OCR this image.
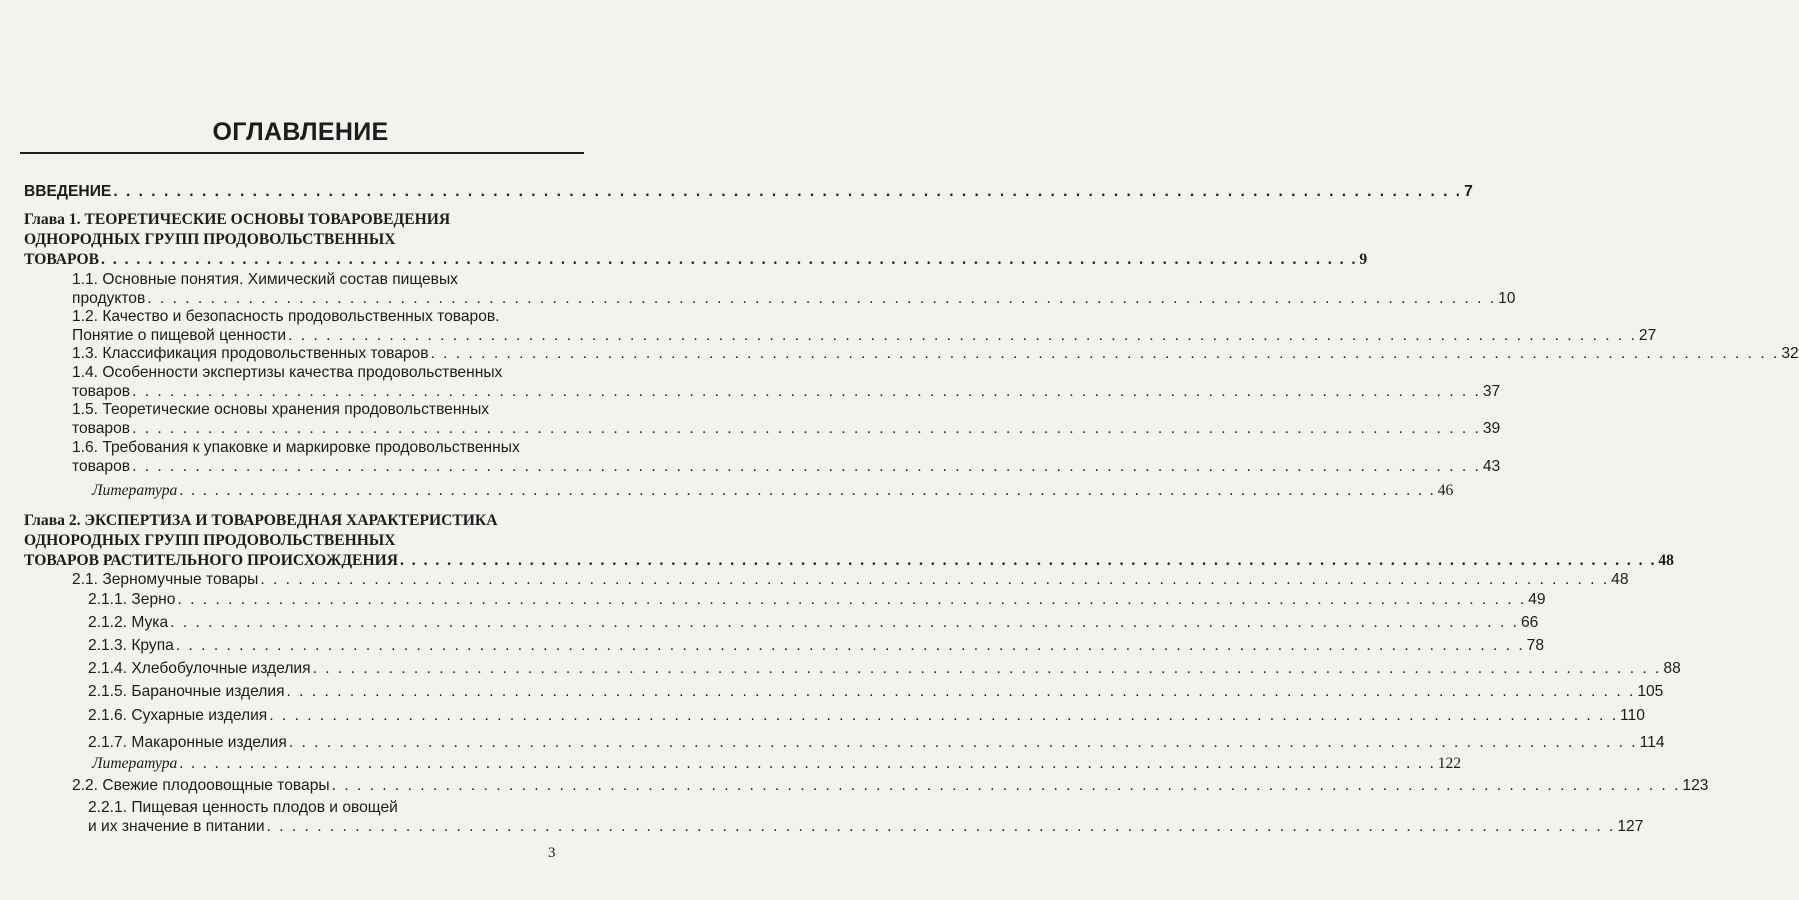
ОГЛАВЛЕНИЕ
ВВЕДЕНИЕ . . . . . . . . . . . . . . . . . . . . . . . . . . . . . . . . . . . . . . . . . . . . . . . . . . . . . . . . . . . . . . . . . . . . . . . . . . . . . . . . . . . . . . . . . . . . . . . . . . . . . . . . . . . 7
Глава 1. ТЕОРЕТИЧЕСКИЕ ОСНОВЫ ТОВАРОВЕДЕНИЯ
ОДНОРОДНЫХ ГРУПП ПРОДОВОЛЬСТВЕННЫХ
ТОВАРОВ . . . . . . . . . . . . . . . . . . . . . . . . . . . . . . . . . . . . . . . . . . . . . . . . . . . . . . . . . . . . . . . . . . . . . . . . . . . . . . . . . . . . . . . . . . . . . . . . . . . . . . . . . . . 9
1.1. Основные понятия. Химический состав пищевых
продуктов . . . . . . . . . . . . . . . . . . . . . . . . . . . . . . . . . . . . . . . . . . . . . . . . . . . . . . . . . . . . . . . . . . . . . . . . . . . . . . . . . . . . . . . . . . . . . . . . . . . . . . . . . . . 10
1.2. Качество и безопасность продовольственных товаров.
Понятие о пищевой ценности . . . . . . . . . . . . . . . . . . . . . . . . . . . . . . . . . . . . . . . . . . . . . . . . . . . . . . . . . . . . . . . . . . . . . . . . . . . . . . . . . . . . . . . . . . . . . . . . . . . . . . . . . . . 27
1.3. Классификация продовольственных товаров . . . . . . . . . . . . . . . . . . . . . . . . . . . . . . . . . . . . . . . . . . . . . . . . . . . . . . . . . . . . . . . . . . . . . . . . . . . . . . . . . . . . . . . . . . . . . . . . . . . . . . . . . . . 32
1.4. Особенности экспертизы качества продовольственных
товаров . . . . . . . . . . . . . . . . . . . . . . . . . . . . . . . . . . . . . . . . . . . . . . . . . . . . . . . . . . . . . . . . . . . . . . . . . . . . . . . . . . . . . . . . . . . . . . . . . . . . . . . . . . . 37
1.5. Теоретические основы хранения продовольственных
товаров . . . . . . . . . . . . . . . . . . . . . . . . . . . . . . . . . . . . . . . . . . . . . . . . . . . . . . . . . . . . . . . . . . . . . . . . . . . . . . . . . . . . . . . . . . . . . . . . . . . . . . . . . . . 39
1.6. Требования к упаковке и маркировке продовольственных
товаров . . . . . . . . . . . . . . . . . . . . . . . . . . . . . . . . . . . . . . . . . . . . . . . . . . . . . . . . . . . . . . . . . . . . . . . . . . . . . . . . . . . . . . . . . . . . . . . . . . . . . . . . . . . 43
Литература . . . . . . . . . . . . . . . . . . . . . . . . . . . . . . . . . . . . . . . . . . . . . . . . . . . . . . . . . . . . . . . . . . . . . . . . . . . . . . . . . . . . . . . . . . . . . . . . . . . . . . . . . . . 46
Глава 2. ЭКСПЕРТИЗА И ТОВАРОВЕДНАЯ ХАРАКТЕРИСТИКА
ОДНОРОДНЫХ ГРУПП ПРОДОВОЛЬСТВЕННЫХ
ТОВАРОВ РАСТИТЕЛЬНОГО ПРОИСХОЖДЕНИЯ . . . . . . . . . . . . . . . . . . . . . . . . . . . . . . . . . . . . . . . . . . . . . . . . . . . . . . . . . . . . . . . . . . . . . . . . . . . . . . . . . . . . . . . . . . . . . . . . . . . . . . . . . . . 48
2.1. Зерномучные товары . . . . . . . . . . . . . . . . . . . . . . . . . . . . . . . . . . . . . . . . . . . . . . . . . . . . . . . . . . . . . . . . . . . . . . . . . . . . . . . . . . . . . . . . . . . . . . . . . . . . . . . . . . . 48
2.1.1. Зерно . . . . . . . . . . . . . . . . . . . . . . . . . . . . . . . . . . . . . . . . . . . . . . . . . . . . . . . . . . . . . . . . . . . . . . . . . . . . . . . . . . . . . . . . . . . . . . . . . . . . . . . . . . . 49
2.1.2. Мука . . . . . . . . . . . . . . . . . . . . . . . . . . . . . . . . . . . . . . . . . . . . . . . . . . . . . . . . . . . . . . . . . . . . . . . . . . . . . . . . . . . . . . . . . . . . . . . . . . . . . . . . . . . 66
2.1.3. Крупа . . . . . . . . . . . . . . . . . . . . . . . . . . . . . . . . . . . . . . . . . . . . . . . . . . . . . . . . . . . . . . . . . . . . . . . . . . . . . . . . . . . . . . . . . . . . . . . . . . . . . . . . . . . 78
2.1.4. Хлебобулочные изделия . . . . . . . . . . . . . . . . . . . . . . . . . . . . . . . . . . . . . . . . . . . . . . . . . . . . . . . . . . . . . . . . . . . . . . . . . . . . . . . . . . . . . . . . . . . . . . . . . . . . . . . . . . . 88
2.1.5. Бараночные изделия . . . . . . . . . . . . . . . . . . . . . . . . . . . . . . . . . . . . . . . . . . . . . . . . . . . . . . . . . . . . . . . . . . . . . . . . . . . . . . . . . . . . . . . . . . . . . . . . . . . . . . . . . . . 105
2.1.6. Сухарные изделия . . . . . . . . . . . . . . . . . . . . . . . . . . . . . . . . . . . . . . . . . . . . . . . . . . . . . . . . . . . . . . . . . . . . . . . . . . . . . . . . . . . . . . . . . . . . . . . . . . . . . . . . . . . 110
2.1.7. Макаронные изделия . . . . . . . . . . . . . . . . . . . . . . . . . . . . . . . . . . . . . . . . . . . . . . . . . . . . . . . . . . . . . . . . . . . . . . . . . . . . . . . . . . . . . . . . . . . . . . . . . . . . . . . . . . . 114
Литература . . . . . . . . . . . . . . . . . . . . . . . . . . . . . . . . . . . . . . . . . . . . . . . . . . . . . . . . . . . . . . . . . . . . . . . . . . . . . . . . . . . . . . . . . . . . . . . . . . . . . . . . . . . 122
2.2. Свежие плодоовощные товары . . . . . . . . . . . . . . . . . . . . . . . . . . . . . . . . . . . . . . . . . . . . . . . . . . . . . . . . . . . . . . . . . . . . . . . . . . . . . . . . . . . . . . . . . . . . . . . . . . . . . . . . . . . 123
2.2.1. Пищевая ценность плодов и овощей
и их значение в питании . . . . . . . . . . . . . . . . . . . . . . . . . . . . . . . . . . . . . . . . . . . . . . . . . . . . . . . . . . . . . . . . . . . . . . . . . . . . . . . . . . . . . . . . . . . . . . . . . . . . . . . . . . . 127
3
